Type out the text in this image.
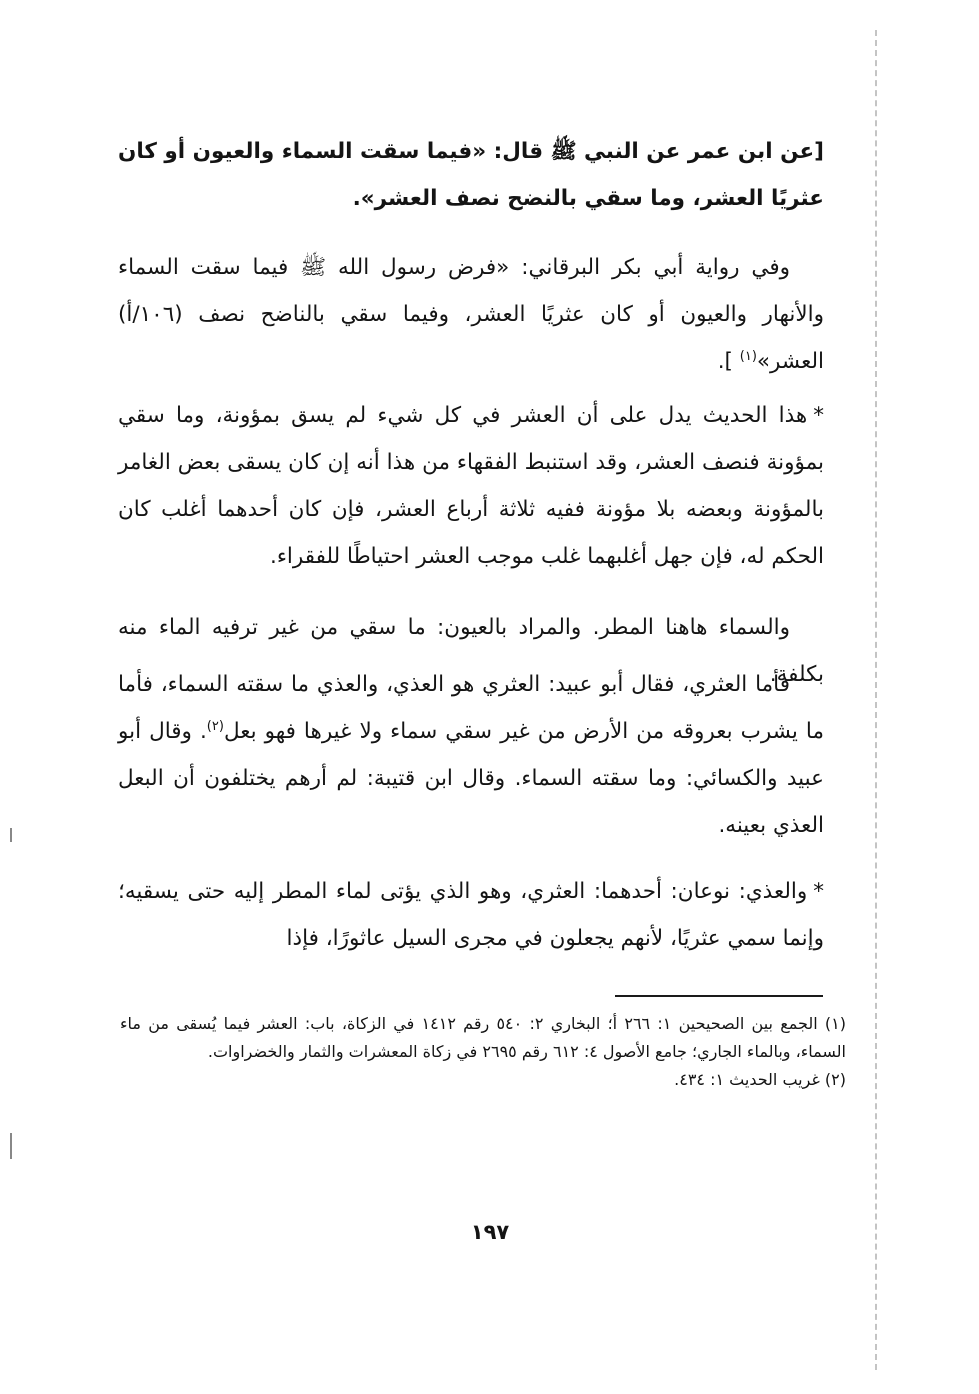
[عن ابن عمر عن النبي ﷺ قال: «فيما سقت السماء والعيون أو كان عثريًا العشر، وما سقي بالنضح نصف العشر».

وفي رواية أبي بكر البرقاني: «فرض رسول الله ﷺ فيما سقت السماء والأنهار والعيون أو كان عثريًا العشر، وفيما سقي بالناضح نصف (١٠٦/أ) العشر»$^{(١)}$ ].

*هذا الحديث يدل على أن العشر في كل شيء لم يسق بمؤونة، وما سقي بمؤونة فنصف العشر، وقد استنبط الفقهاء من هذا أنه إن كان يسقى بعض الغامر بالمؤونة وبعضه بلا مؤونة ففيه ثلاثة أرباع العشر، فإن كان أحدهما أغلب كان الحكم له، فإن جهل أغلبهما غلب موجب العشر احتياطًا للفقراء.

والسماء هاهنا المطر. والمراد بالعيون: ما سقي من غير ترفيه الماء منه بكلفة.

فأما العثري، فقال أبو عبيد: العثري هو العذي، والعذي ما سقته السماء، فأما ما يشرب بعروقه من الأرض من غير سقي سماء ولا غيرها فهو بعل$^{(٢)}$. وقال أبو عبيد والكسائي: وما سقته السماء. وقال ابن قتيبة: لم أرهم يختلفون أن البعل العذي بعينه.

*والعذي: نوعان: أحدهما: العثري، وهو الذي يؤتى لماء المطر إليه حتى يسقيه؛ وإنما سمي عثريًا، لأنهم يجعلون في مجرى السيل عاثورًا، فإذا

(١) الجمع بين الصحيحين ١: ٢٦٦ أ؛ البخاري ٢: ٥٤٠ رقم ١٤١٢ في الزكاة، باب: العشر فيما يُسقى من ماء السماء، وبالماء الجاري؛ جامع الأصول ٤: ٦١٢ رقم ٢٦٩٥ في زكاة المعشرات والثمار والخضراوات.

(٢) غريب الحديث ١: ٤٣٤.

١٩٧
